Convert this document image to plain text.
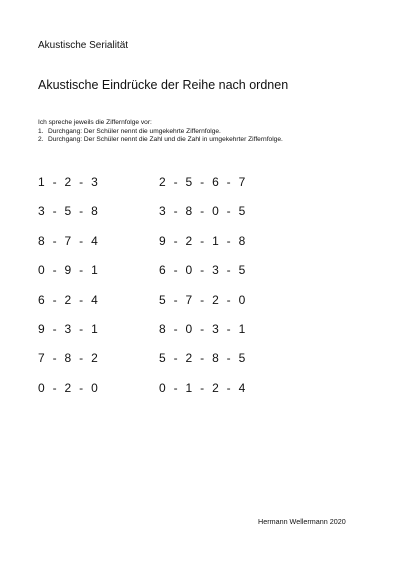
Akustische Serialität
Akustische Eindrücke der Reihe nach ordnen
Ich spreche jeweils die Ziffernfolge vor:
1. Durchgang: Der Schüler nennt die umgekehrte Ziffernfolge.
2. Durchgang: Der Schüler nennt die Zahl und die Zahl in umgekehrter Ziffernfolge.
1 - 2 - 3	2 - 5 - 6 - 7
3 - 5 - 8	3 - 8 - 0 - 5
8 - 7 - 4	9 - 2 - 1 - 8
0 - 9 - 1	6 - 0 - 3 - 5
6 - 2 - 4	5 - 7 - 2 - 0
9 - 3 - 1	8 - 0 - 3 - 1
7 - 8 - 2	5 - 2 - 8 - 5
0 - 2 - 0	0 - 1 - 2 - 4
Hermann Wellermann 2020
